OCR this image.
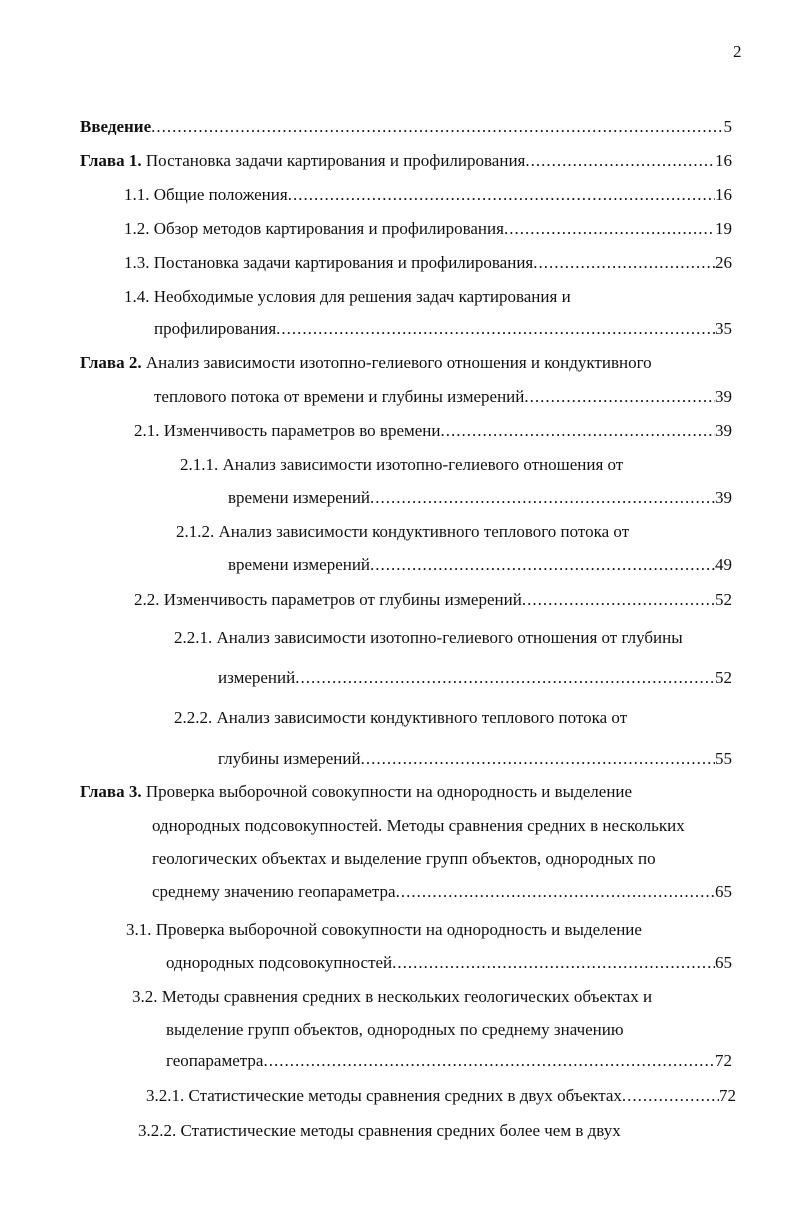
2
Введение .....	5
Глава 1. Постановка задачи картирования и профилирования .....	16
1.1. Общие положения .....	16
1.2. Обзор методов картирования и профилирования .....	19
1.3. Постановка задачи картирования и профилирования .....	26
1.4. Необходимые условия для решения задач картирования и
профилирования .....	35
Глава 2. Анализ зависимости изотопно-гелиевого отношения и кондуктивного
теплового потока от времени и глубины измерений .....	39
2.1. Изменчивость параметров во времени .....	39
2.1.1. Анализ зависимости изотопно-гелиевого отношения от
времени измерений .....	39
2.1.2. Анализ зависимости кондуктивного теплового потока от
времени измерений .....	49
2.2. Изменчивость параметров от глубины измерений .....	52
2.2.1. Анализ зависимости изотопно-гелиевого отношения от глубины
измерений .....	52
2.2.2. Анализ зависимости кондуктивного теплового потока от
глубины измерений .....	55
Глава 3. Проверка выборочной совокупности на однородность и выделение
однородных подсовокупностей. Методы сравнения средних в нескольких
геологических объектах и выделение групп объектов, однородных по
среднему значению геопараметра .....	65
3.1. Проверка выборочной совокупности на однородность и выделение
однородных подсовокупностей .....	65
3.2. Методы сравнения средних в нескольких геологических объектах и
выделение групп объектов, однородных по среднему значению
геопараметра .....	72
3.2.1. Статистические методы сравнения средних в двух объектах .....	72
3.2.2. Статистические методы сравнения средних более чем в двух
